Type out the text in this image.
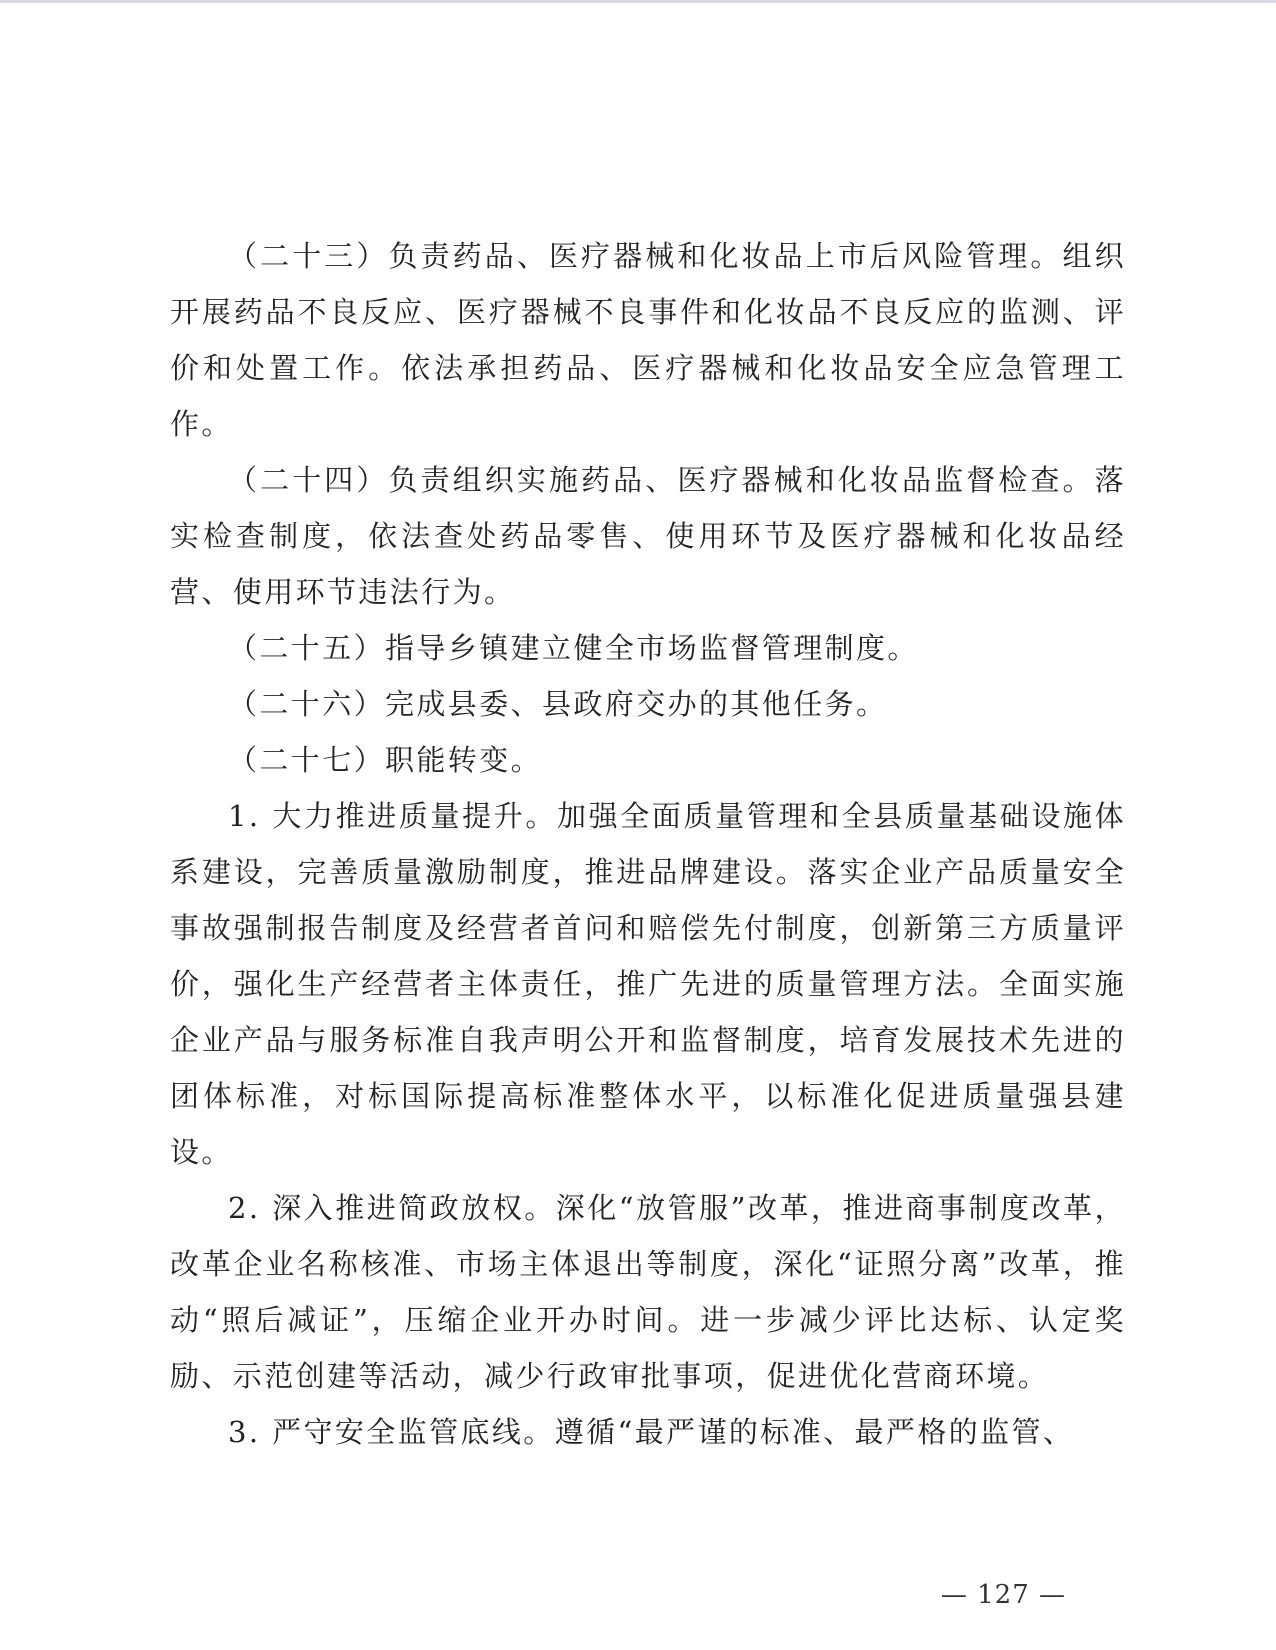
（二十三）负责药品、医疗器械和化妆品上市后风险管理。组织开展药品不良反应、医疗器械不良事件和化妆品不良反应的监测、评价和处置工作。依法承担药品、医疗器械和化妆品安全应急管理工作。

（二十四）负责组织实施药品、医疗器械和化妆品监督检查。落实检查制度，依法查处药品零售、使用环节及医疗器械和化妆品经营、使用环节违法行为。

（二十五）指导乡镇建立健全市场监督管理制度。

（二十六）完成县委、县政府交办的其他任务。

（二十七）职能转变。

1. 大力推进质量提升。加强全面质量管理和全县质量基础设施体系建设，完善质量激励制度，推进品牌建设。落实企业产品质量安全事故强制报告制度及经营者首问和赔偿先付制度，创新第三方质量评价，强化生产经营者主体责任，推广先进的质量管理方法。全面实施企业产品与服务标准自我声明公开和监督制度，培育发展技术先进的团体标准，对标国际提高标准整体水平，以标准化促进质量强县建设。

2. 深入推进简政放权。深化“放管服”改革，推进商事制度改革，改革企业名称核准、市场主体退出等制度，深化“证照分离”改革，推动“照后减证”，压缩企业开办时间。进一步减少评比达标、认定奖励、示范创建等活动，减少行政审批事项，促进优化营商环境。

3. 严守安全监管底线。遵循“最严谨的标准、最严格的监管、

— 127 —
